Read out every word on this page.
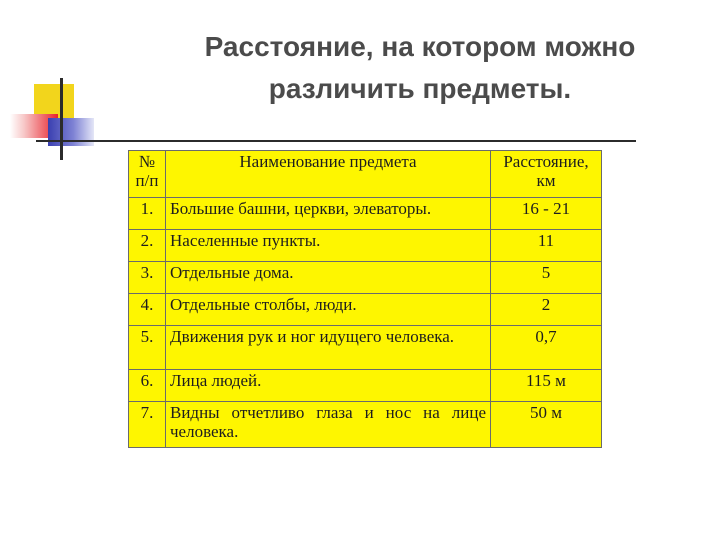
Расстояние, на котором можно
различить предметы.
№ п/п	Наименование предмета	Расстояние, км
1.	Большие башни, церкви, элеваторы.	16 - 21
2.	Населенные пункты.	11
3.	Отдельные дома.	5
4.	Отдельные столбы, люди.	2
5.	Движения рук и ног идущего человека.	0,7
6.	Лица людей.	115 м
7.	Видны отчетливо глаза и нос на лице человека.	50 м
